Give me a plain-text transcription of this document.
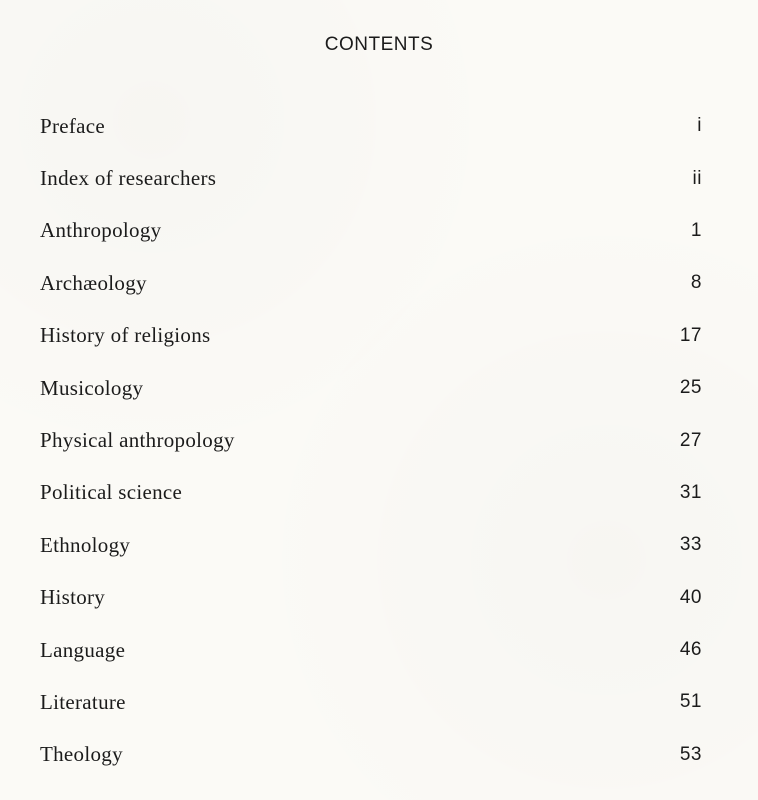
CONTENTS
Preface	i
Index of researchers	ii
Anthropology	1
Archæology	8
History of religions	17
Musicology	25
Physical anthropology	27
Political science	31
Ethnology	33
History	40
Language	46
Literature	51
Theology	53
